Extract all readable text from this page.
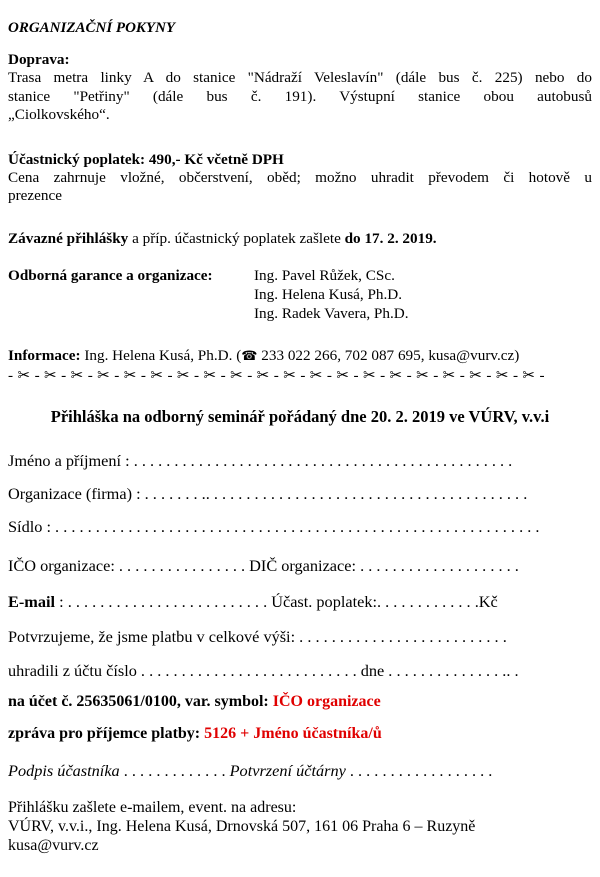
ORGANIZAČNÍ POKYNY
Doprava:
Trasa metra linky A do stanice "Nádraží Veleslavín" (dále bus č. 225) nebo do
stanice "Petřiny" (dále bus č. 191). Výstupní stanice obou autobusů
„Ciolkovského“.
Účastnický poplatek: 490,- Kč včetně DPH
Cena zahrnuje vložné, občerstvení, oběd; možno uhradit převodem či hotově u
prezence
Závazné přihlášky a příp. účastnický poplatek zašlete do 17. 2. 2019.
Odborná garance a organizace:	Ing. Pavel Růžek, CSc.
Ing. Helena Kusá, Ph.D.
Ing. Radek Vavera, Ph.D.
Informace: Ing. Helena Kusá, Ph.D. (☎ 233 022 266, 702 087 695, kusa@vurv.cz)
- ✂ - ✂ - ✂ - ✂ - ✂ - ✂ - ✂ - ✂ - ✂ - ✂ - ✂ - ✂ - ✂ - ✂ - ✂ - ✂ - ✂ - ✂ - ✂ - ✂ -
Přihláška na odborný seminář pořádaný dne 20. 2. 2019 ve VÚRV, v.v.i
Jméno a příjmení : . . . . . . . . . . . . . . . . . . . . . . . . . . . . . . . . . . . . . . . . . . . . . . .
Organizace (firma) : . . . . . . . .. . . . . . . . . . . . . . . . . . . . . . . . . . . . . . . . . . . . . . . .
Sídlo : . . . . . . . . . . . . . . . . . . . . . . . . . . . . . . . . . . . . . . . . . . . . . . . . . . . . . . . . . . . .
IČO organizace: . . . . . . . . . . . . . . . . DIČ organizace: . . . . . . . . . . . . . . . . . . . .
E-mail : . . . . . . . . . . . . . . . . . . . . . . . . . Účast. poplatek:. . . . . . . . . . . . .Kč
Potvrzujeme, že jsme platbu v celkové výši: . . . . . . . . . . . . . . . . . . . . . . . . . .
uhradili z účtu číslo . . . . . . . . . . . . . . . . . . . . . . . . . . . dne . . . . . . . . . . . . . . .. .
na účet č. 25635061/0100, var. symbol: IČO organizace
zpráva pro příjemce platby: 5126 + Jméno účastníka/ů
Podpis účastníka . . . . . . . . . . . . . Potvrzení účtárny . . . . . . . . . . . . . . . . . .
Přihlášku zašlete e-mailem, event. na adresu:
VÚRV, v.v.i., Ing. Helena Kusá, Drnovská 507, 161 06 Praha 6 – Ruzyně
kusa@vurv.cz
